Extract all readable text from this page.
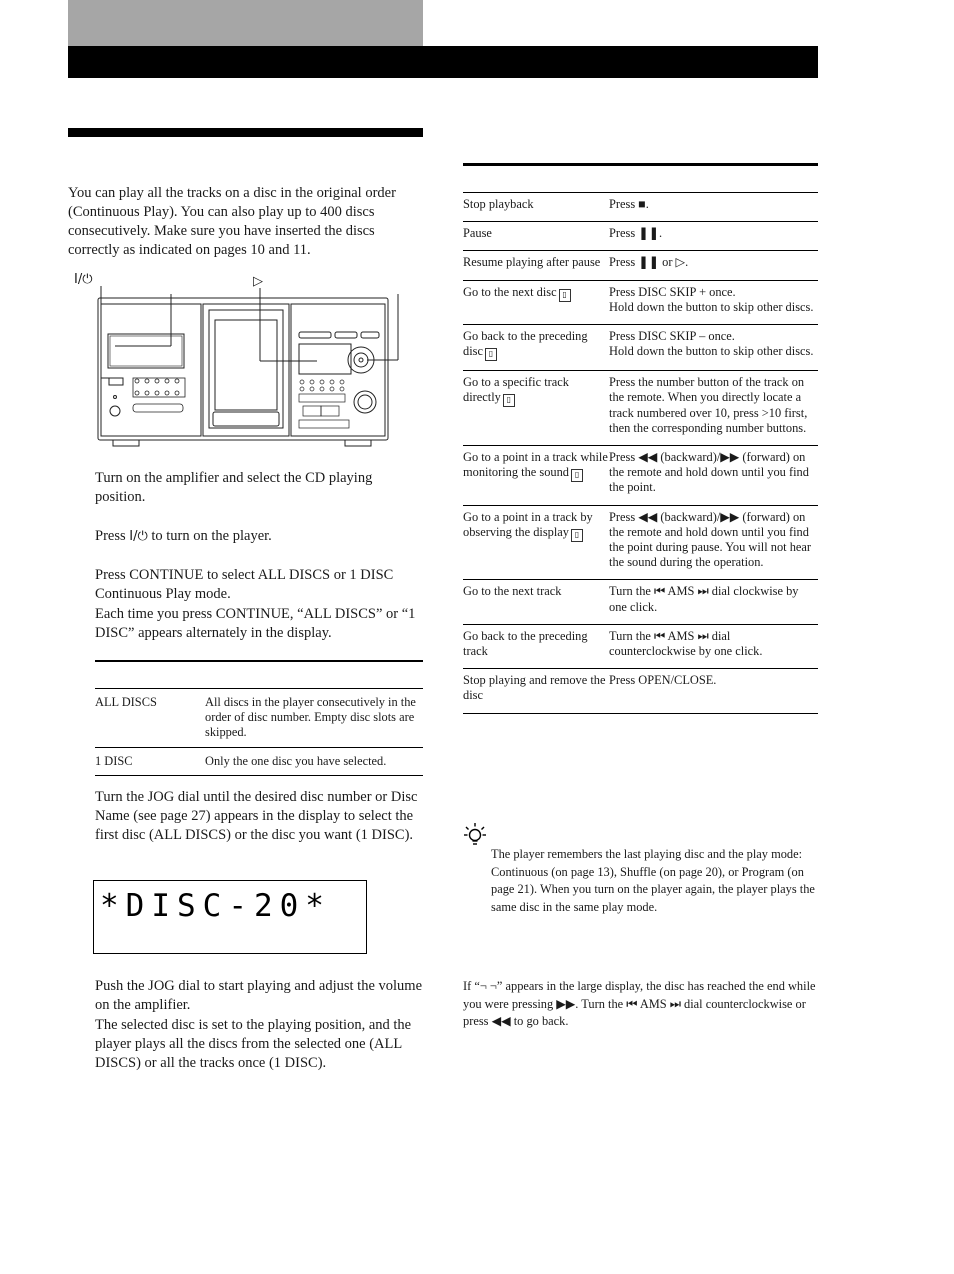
You can play all the tracks on a disc in the original order (Continuous Play). You can also play up to 400 discs consecutively. Make sure you have inserted the discs correctly as indicated on pages 10 and 11.
I/⏻	▷
Turn on the amplifier and select the CD playing position.
Press I/⏻ to turn on the player.
Press CONTINUE to select ALL DISCS or 1 DISC Continuous Play mode.
Each time you press CONTINUE, “ALL DISCS” or “1 DISC” appears alternately in the display.
ALL DISCS	All discs in the player consecutively in the order of disc number. Empty disc slots are skipped.
1 DISC	Only the one disc you have selected.
Turn the JOG dial until the desired disc number or Disc Name (see page 27) appears in the display to select the first disc (ALL DISCS) or the disc you want (1 DISC).
*DISC-20*
Push the JOG dial to start playing and adjust the volume on the amplifier.
The selected disc is set to the playing position, and the player plays all the discs from the selected one (ALL DISCS) or all the tracks once (1 DISC).
Stop playback	Press ■.
Pause	Press ❚❚.
Resume playing after pause	Press ❚❚ or ▷.
Go to the next disc ▯	Press DISC SKIP + once.
Hold down the button to skip other discs.
Go back to the preceding disc ▯	Press DISC SKIP – once.
Hold down the button to skip other discs.
Go to a specific track directly ▯	Press the number button of the track on the remote. When you directly locate a track numbered over 10, press >10 first, then the corresponding number buttons.
Go to a point in a track while monitoring the sound ▯	Press ◀◀ (backward)/▶▶ (forward) on the remote and hold down until you find the point.
Go to a point in a track by observing the display ▯	Press ◀◀ (backward)/▶▶ (forward) on the remote and hold down until you find the point during pause. You will not hear the sound during the operation.
Go to the next track	Turn the ⏮ AMS ⏭ dial clockwise by one click.
Go back to the preceding track	Turn the ⏮ AMS ⏭ dial counterclockwise by one click.
Stop playing and remove the disc	Press OPEN/CLOSE.
The player remembers the last playing disc and the play mode: Continuous (on page 13), Shuffle (on page 20), or Program (on page 21). When you turn on the player again, the player plays the same disc in the same play mode.
If “¬ ¬” appears in the large display, the disc has reached the end while you were pressing ▶▶. Turn the ⏮ AMS ⏭ dial counterclockwise or press ◀◀ to go back.
